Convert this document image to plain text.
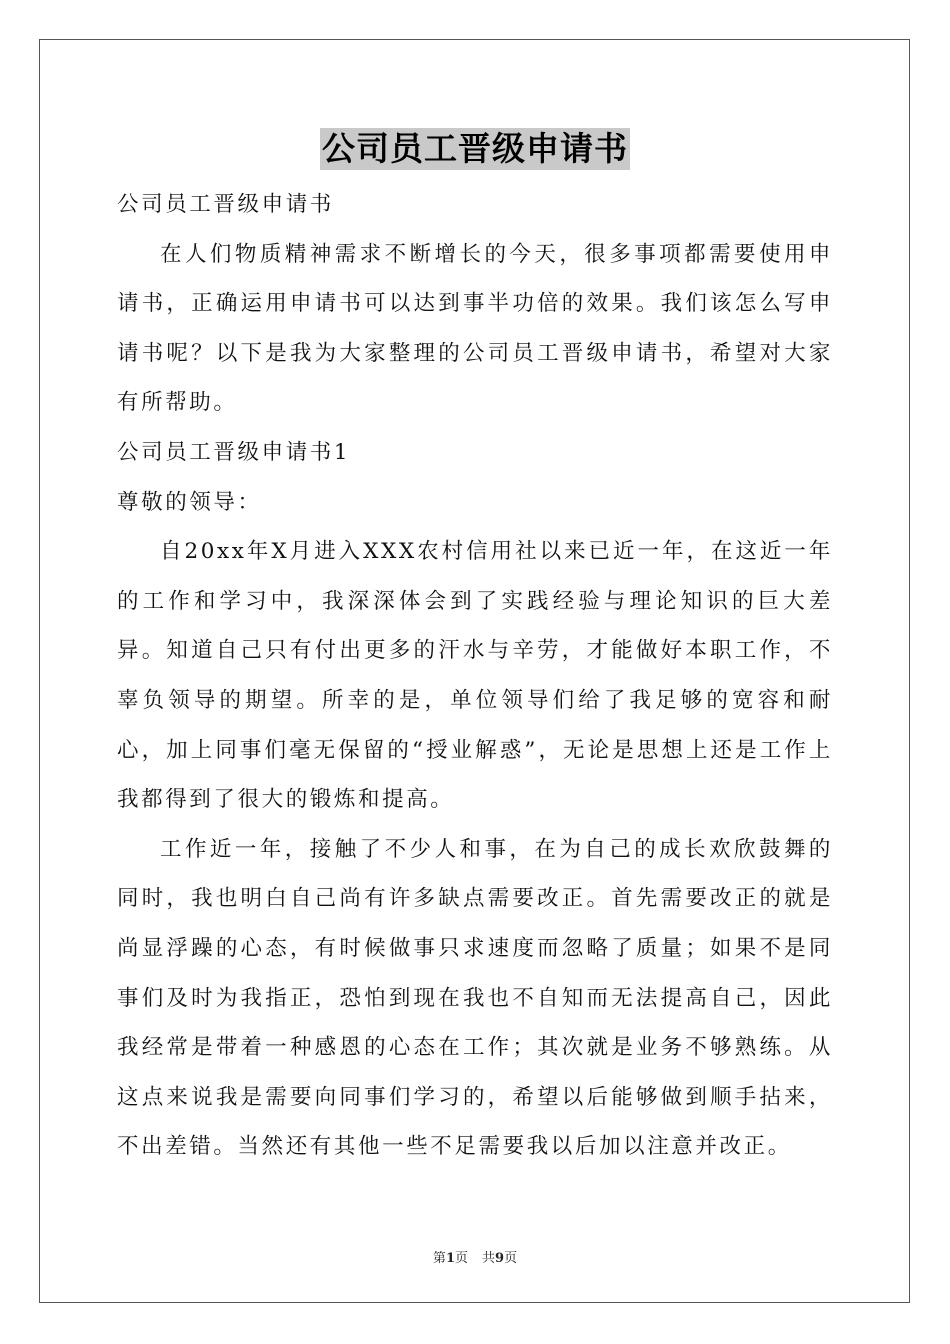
公司员工晋级申请书

公司员工晋级申请书

在人们物质精神需求不断增长的今天，很多事项都需要使用申请书，正确运用申请书可以达到事半功倍的效果。我们该怎么写申请书呢？以下是我为大家整理的公司员工晋级申请书，希望对大家有所帮助。

公司员工晋级申请书1

尊敬的领导：

自20xx年X月进入XXX农村信用社以来已近一年，在这近一年的工作和学习中，我深深体会到了实践经验与理论知识的巨大差异。知道自己只有付出更多的汗水与辛劳，才能做好本职工作，不辜负领导的期望。所幸的是，单位领导们给了我足够的宽容和耐心，加上同事们毫无保留的“授业解惑”，无论是思想上还是工作上我都得到了很大的锻炼和提高。

工作近一年，接触了不少人和事，在为自己的成长欢欣鼓舞的同时，我也明白自己尚有许多缺点需要改正。首先需要改正的就是尚显浮躁的心态，有时候做事只求速度而忽略了质量；如果不是同事们及时为我指正，恐怕到现在我也不自知而无法提高自己，因此我经常是带着一种感恩的心态在工作；其次就是业务不够熟练。从这点来说我是需要向同事们学习的，希望以后能够做到顺手拈来，不出差错。当然还有其他一些不足需要我以后加以注意并改正。

第1页 共9页
